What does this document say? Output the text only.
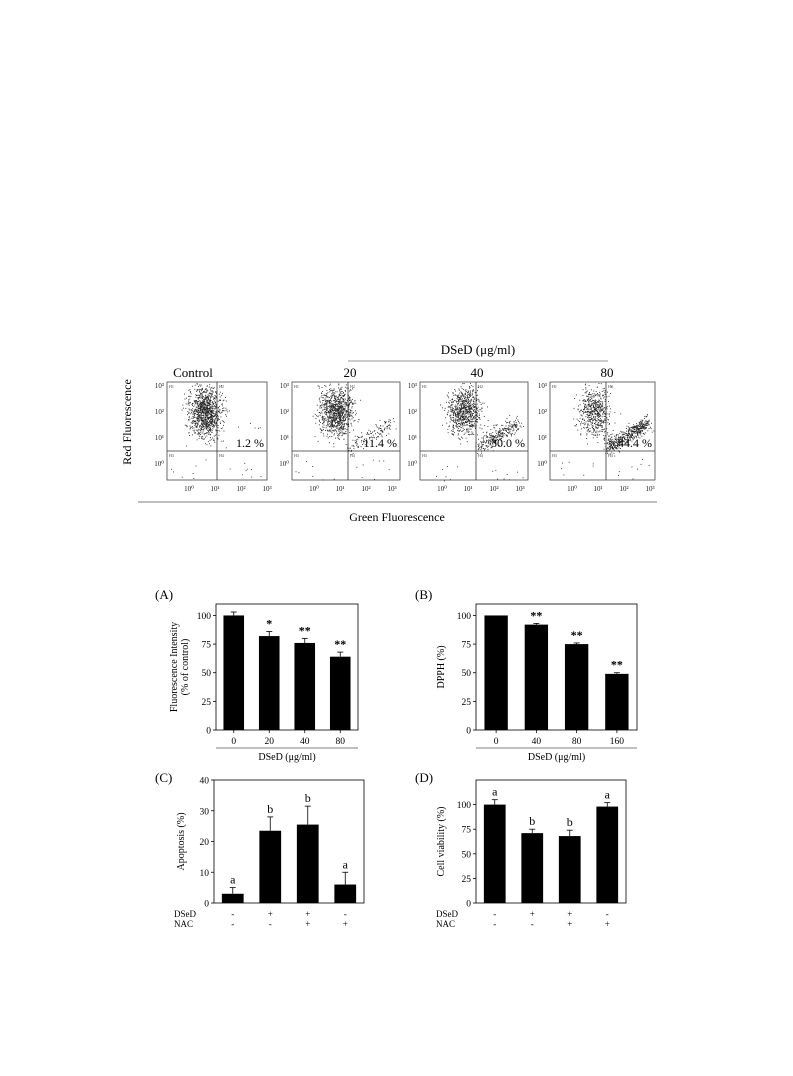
DSeD (μg/ml)
Red Fluorescence
Green Fluorescence
Control
H1	H2
H3	H4
10³
10²
10¹
10⁰
10⁰ 10¹ 10² 10³
1.2 %
20
H1	H2
H3	H4
10³
10²
10¹
10⁰
10⁰ 10¹ 10² 10³
11.4 %
40
H1	H2
H3	H4
10³
10²
10¹
10⁰
10⁰ 10¹ 10² 10³
30.0 %
80
H1	H2
H3	H4
10³
10²
10¹
10⁰
10⁰ 10¹ 10² 10³
44.4 %
(A)
0
25
50
75
100
Fluorescence Intensity (% of control)
0
*
20
**
40
**
80
DSeD (μg/ml)
(B)
0
25
50
75
100
DPPH (%)
0
**
40
**
80
**
160
DSeD (μg/ml)
(C)
0
10
20
30
40
Apoptosis (%)
a
b
b
a
DSeD	-	+	+	-
NAC	-	-	+	+
(D)
0
25
50
75
100
Cell viability (%)
a
b	b
a
DSeD	-	+	+	-
NAC	-	-	+	+
